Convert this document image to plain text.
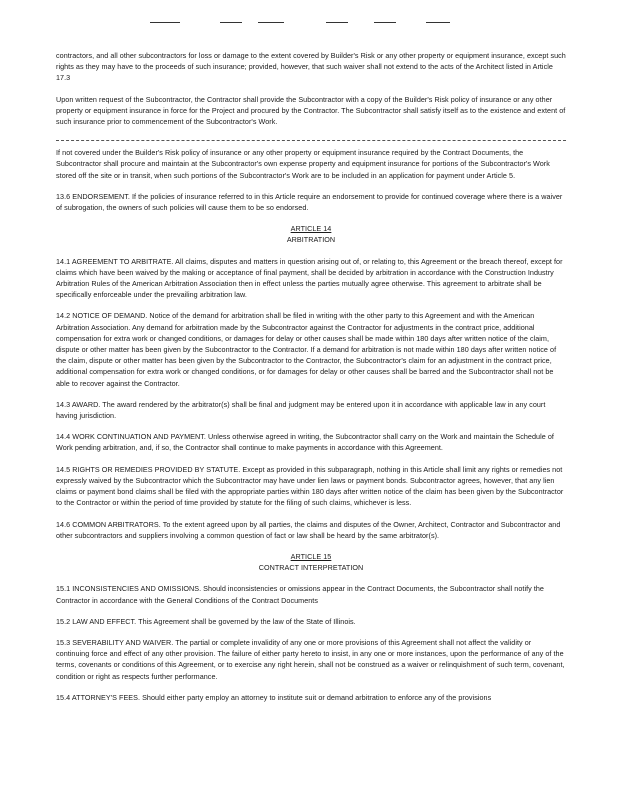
contractors, and all other subcontractors for loss or damage to the extent covered by Builder's Risk or any other property or equipment insurance, except such rights as they may have to the proceeds of such insurance; provided, however, that such waiver shall not extend to the acts of the Architect listed in Article 17.3

Upon written request of the Subcontractor, the Contractor shall provide the Subcontractor with a copy of the Builder's Risk policy of insurance or any other property or equipment insurance in force for the Project and procured by the Contractor. The Subcontractor shall satisfy itself as to the existence and extent of such insurance prior to commencement of the Subcontractor's Work.

If not covered under the Builder's Risk policy of insurance or any other property or equipment insurance required by the Contract Documents, the Subcontractor shall procure and maintain at the Subcontractor's own expense property and equipment insurance for portions of the Subcontractor's Work stored off the site or in transit, when such portions of the Subcontractor's Work are to be included in an application for payment under Article 5.

13.6 ENDORSEMENT. If the policies of insurance referred to in this Article require an endorsement to provide for continued coverage where there is a waiver of subrogation, the owners of such policies will cause them to be so endorsed.

ARTICLE 14
ARBITRATION

14.1 AGREEMENT TO ARBITRATE. All claims, disputes and matters in question arising out of, or relating to, this Agreement or the breach thereof, except for claims which have been waived by the making or acceptance of final payment, shall be decided by arbitration in accordance with the Construction Industry Arbitration Rules of the American Arbitration Association then in effect unless the parties mutually agree otherwise. This agreement to arbitrate shall be specifically enforceable under the prevailing arbitration law.

14.2 NOTICE OF DEMAND. Notice of the demand for arbitration shall be filed in writing with the other party to this Agreement and with the American Arbitration Association. Any demand for arbitration made by the Subcontractor against the Contractor for adjustments in the contract price, additional compensation for extra work or changed conditions, or damages for delay or other causes shall be made within 180 days after written notice of the claim, dispute or other matter has been given by the Subcontractor to the Contractor. If a demand for arbitration is not made within 180 days after written notice of the claim, dispute or other matter has been given by the Subcontractor to the Contractor, the Subcontractor's claim for an adjustment in the contract price, additional compensation for extra work or changed conditions, or for damages for delay or other causes shall be barred and the Subcontractor shall not be able to recover against the Contractor.

14.3 AWARD. The award rendered by the arbitrator(s) shall be final and judgment may be entered upon it in accordance with applicable law in any court having jurisdiction.

14.4 WORK CONTINUATION AND PAYMENT. Unless otherwise agreed in writing, the Subcontractor shall carry on the Work and maintain the Schedule of Work pending arbitration, and, if so, the Contractor shall continue to make payments in accordance with this Agreement.

14.5 RIGHTS OR REMEDIES PROVIDED BY STATUTE. Except as provided in this subparagraph, nothing in this Article shall limit any rights or remedies not expressly waived by the Subcontractor which the Subcontractor may have under lien laws or payment bonds. Subcontractor agrees, however, that any lien claims or payment bond claims shall be filed with the appropriate parties within 180 days after written notice of the claim has been given by the Subcontractor to the Contractor or within the period of time provided by statute for the filing of such claims, whichever is less.

14.6 COMMON ARBITRATORS. To the extent agreed upon by all parties, the claims and disputes of the Owner, Architect, Contractor and Subcontractor and other subcontractors and suppliers involving a common question of fact or law shall be heard by the same arbitrator(s).

ARTICLE 15
CONTRACT INTERPRETATION

15.1 INCONSISTENCIES AND OMISSIONS. Should inconsistencies or omissions appear in the Contract Documents, the Subcontractor shall notify the Contractor in accordance with the General Conditions of the Contract Documents

15.2 LAW AND EFFECT. This Agreement shall be governed by the law of the State of Illinois.

15.3 SEVERABILITY AND WAIVER. The partial or complete invalidity of any one or more provisions of this Agreement shall not affect the validity or continuing force and effect of any other provision. The failure of either party hereto to insist, in any one or more instances, upon the performance of any of the terms, covenants or conditions of this Agreement, or to exercise any right herein, shall not be construed as a waiver or relinquishment of such term, covenant, condition or right as respects further performance.

15.4 ATTORNEY'S FEES. Should either party employ an attorney to institute suit or demand arbitration to enforce any of the provisions
